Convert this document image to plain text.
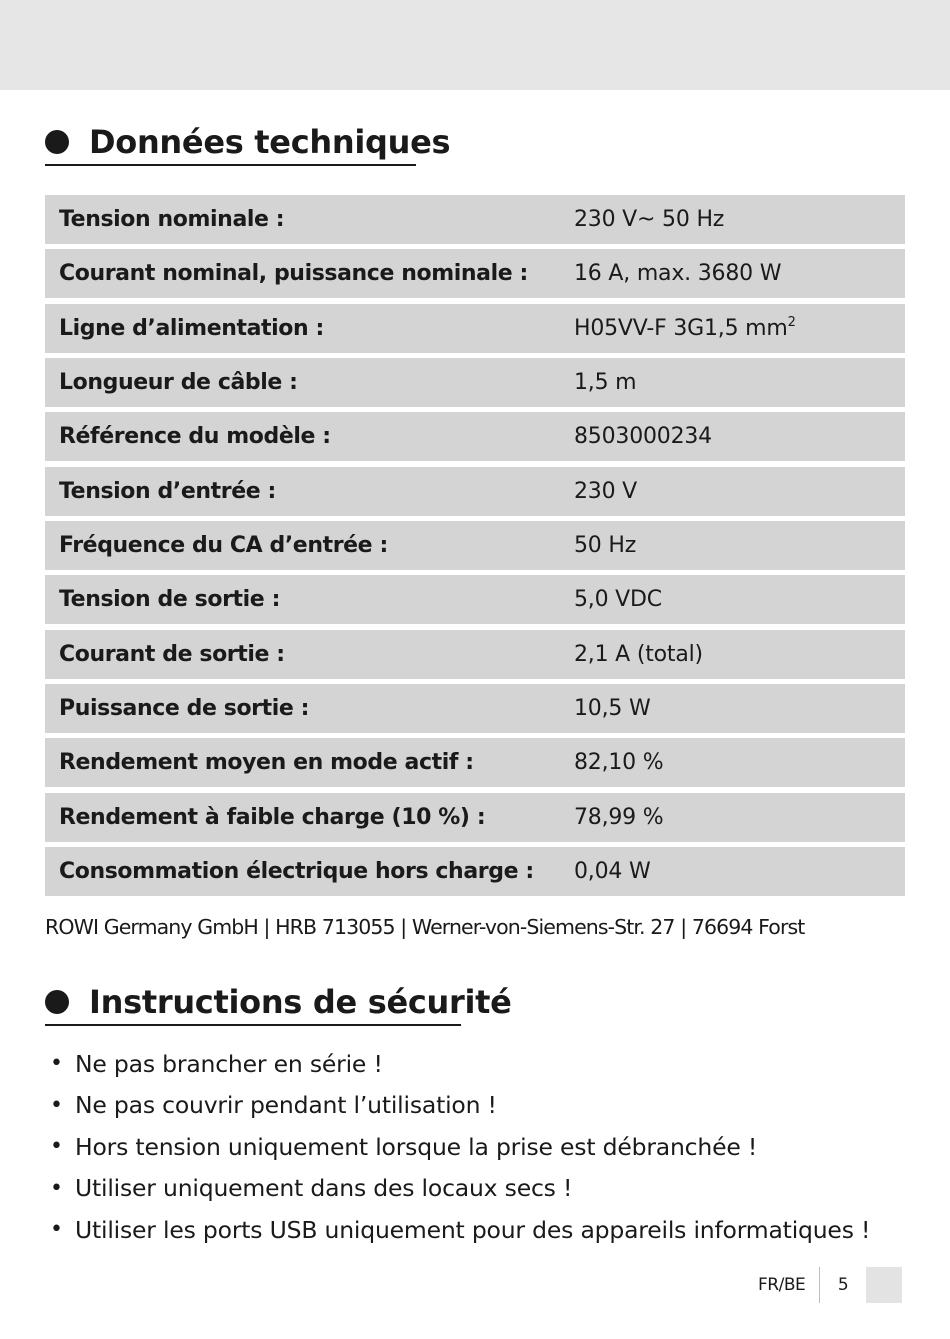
Données techniques
Tension nominale :	230 V~ 50 Hz
Courant nominal, puissance nominale :	16 A, max. 3680 W
Ligne d’alimentation :	H05VV-F 3G1,5 $mm^2$
Longueur de câble :	1,5 m
Référence du modèle :	8503000234
Tension d’entrée :	230 V
Fréquence du CA d’entrée :	50 Hz
Tension de sortie :	5,0 VDC
Courant de sortie :	2,1 A (total)
Puissance de sortie :	10,5 W
Rendement moyen en mode actif :	82,10 %
Rendement à faible charge (10 %) :	78,99 %
Consommation électrique hors charge :	0,04 W
ROWI Germany GmbH | HRB 713055 | Werner-von-Siemens-Str. 27 | 76694 Forst
Instructions de sécurité
• Ne pas brancher en série !
• Ne pas couvrir pendant l’utilisation !
• Hors tension uniquement lorsque la prise est débranchée !
• Utiliser uniquement dans des locaux secs !
• Utiliser les ports USB uniquement pour des appareils informatiques !
FR/BE	5
